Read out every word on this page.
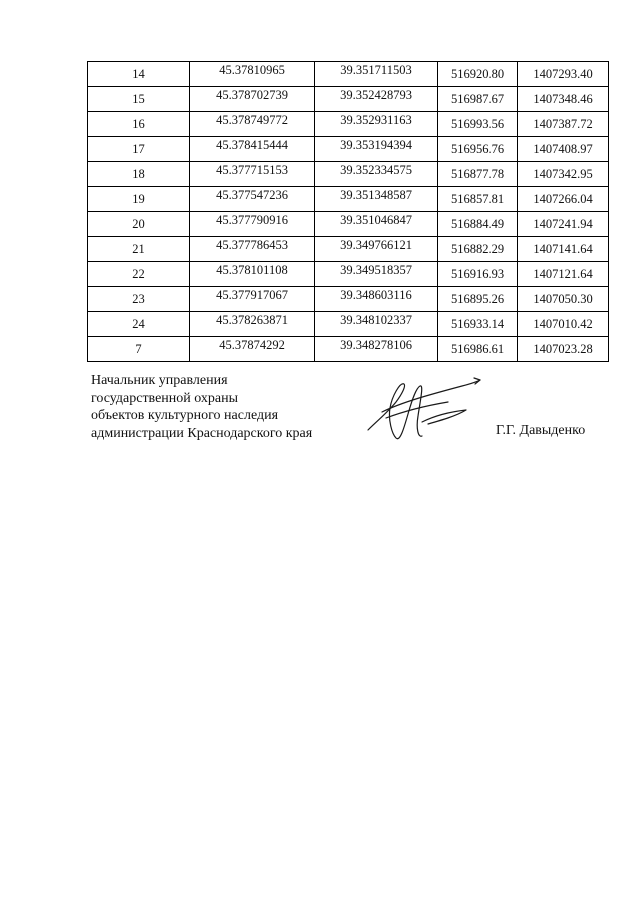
14	45.37810965	39.351711503	516920.80	1407293.40
15	45.378702739	39.352428793	516987.67	1407348.46
16	45.378749772	39.352931163	516993.56	1407387.72
17	45.378415444	39.353194394	516956.76	1407408.97
18	45.377715153	39.352334575	516877.78	1407342.95
19	45.377547236	39.351348587	516857.81	1407266.04
20	45.377790916	39.351046847	516884.49	1407241.94
21	45.377786453	39.349766121	516882.29	1407141.64
22	45.378101108	39.349518357	516916.93	1407121.64
23	45.377917067	39.348603116	516895.26	1407050.30
24	45.378263871	39.348102337	516933.14	1407010.42
7	45.37874292	39.348278106	516986.61	1407023.28
Начальник управления
государственной охраны
объектов культурного наследия
администрации Краснодарского края	Г.Г. Давыденко
